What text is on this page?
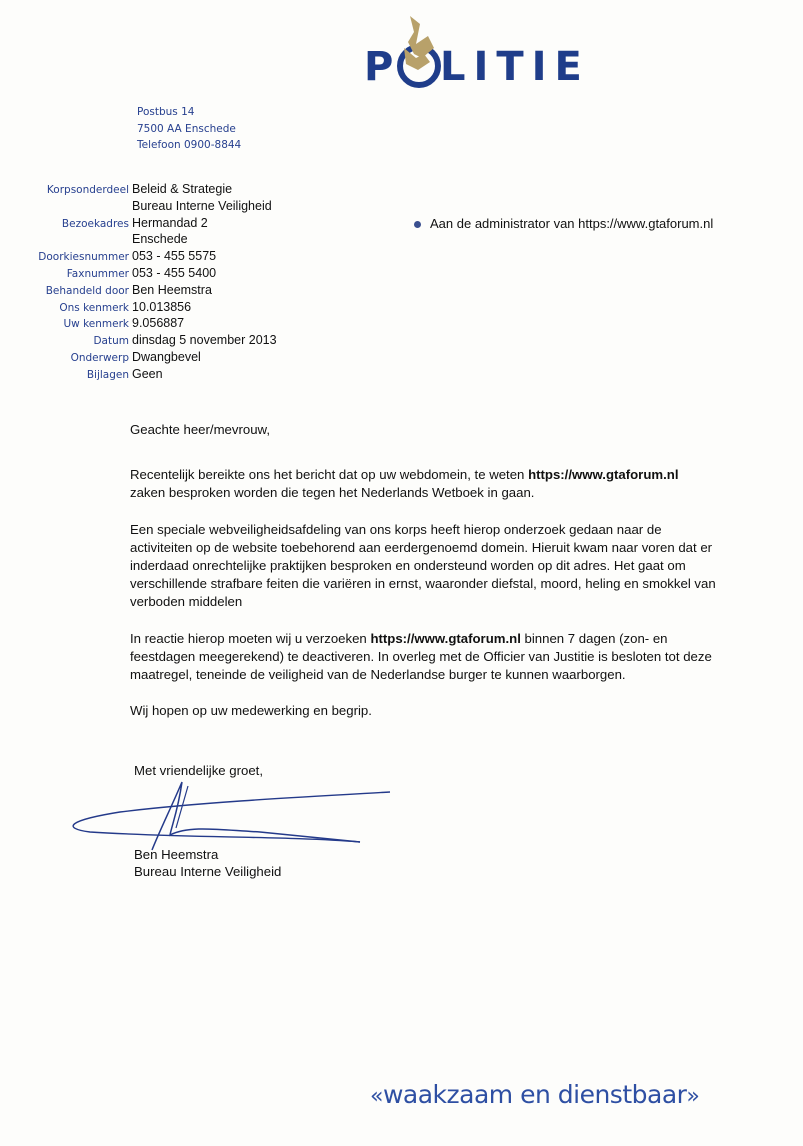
P LITIE
Postbus 14
7500 AA Enschede
Telefoon 0900-8844
Korpsonderdeel Beleid & Strategie
Bureau Interne Veiligheid
Bezoekadres Hermandad 2
Enschede
Doorkiesnummer 053 - 455 5575
Faxnummer 053 - 455 5400
Behandeld door Ben Heemstra
Ons kenmerk 10.013856
Uw kenmerk 9.056887
Datum dinsdag 5 november 2013
Onderwerp Dwangbevel
Bijlagen Geen
Aan de administrator van https://www.gtaforum.nl

Geachte heer/mevrouw,

Recentelijk bereikte ons het bericht dat op uw webdomein, te weten https://www.gtaforum.nl
zaken besproken worden die tegen het Nederlands Wetboek in gaan.

Een speciale webveiligheidsafdeling van ons korps heeft hierop onderzoek gedaan naar de activiteiten op de website toebehorend aan eerdergenoemd domein. Hieruit kwam naar voren dat er inderdaad onrechtelijke praktijken besproken en ondersteund worden op dit adres. Het gaat om verschillende strafbare feiten die variëren in ernst, waaronder diefstal, moord, heling en smokkel van verboden middelen

In reactie hierop moeten wij u verzoeken https://www.gtaforum.nl binnen 7 dagen (zon- en feestdagen meegerekend) te deactiveren. In overleg met de Officier van Justitie is besloten tot deze maatregel, teneinde de veiligheid van de Nederlandse burger te kunnen waarborgen.

Wij hopen op uw medewerking en begrip.

Met vriendelijke groet,
Ben Heemstra
Bureau Interne Veiligheid
«waakzaam en dienstbaar»
